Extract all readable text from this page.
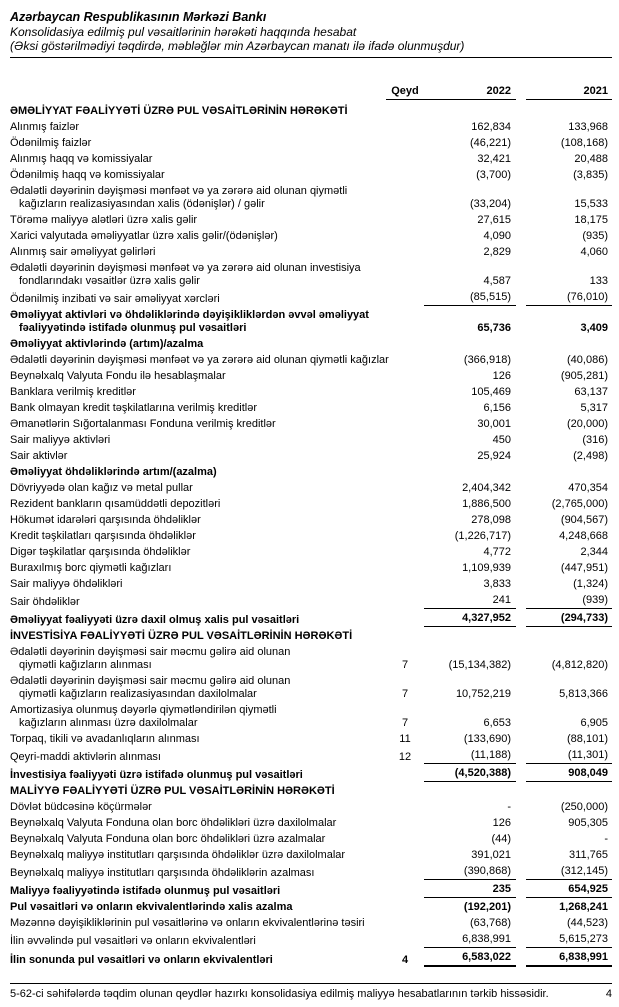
Azərbaycan Respublikasının Mərkəzi Bankı
Konsolidasiya edilmiş pul vəsaitlərinin hərəkəti haqqında hesabat
(Əksi göstərilmədiyi təqdirdə, məbləğlər min Azərbaycan manatı ilə ifadə olunmuşdur)
Qeyd	2022	2021
ƏMƏLİYYAT FƏALİYYƏTİ ÜZRƏ PUL VƏSAİTLƏRİNİN HƏRƏKƏTİ
Alınmış faizlər	162,834	133,968
Ödənilmiş faizlər	(46,221)	(108,168)
Alınmış haqq və komissiyalar	32,421	20,488
Ödənilmiş haqq və komissiyalar	(3,700)	(3,835)
Ədalətli dəyərinin dəyişməsi mənfəət və ya zərərə aid olunan qiymətli
kağızların realizasiyasından xalis (ödənişlər) / gəlir	(33,204)	15,533
Törəmə maliyyə alətləri üzrə xalis gəlir	27,615	18,175
Xarici valyutada əməliyyatlar üzrə xalis gəlir/(ödənişlər)	4,090	(935)
Alınmış sair əməliyyat gəlirləri	2,829	4,060
Ədalətli dəyərinin dəyişməsi mənfəət və ya zərərə aid olunan investisiya
fondlarındakı vəsaitlər üzrə xalis gəlir	4,587	133
Ödənilmiş inzibati və sair əməliyyat xərcləri	(85,515)	(76,010)
Əməliyyat aktivləri və öhdəliklərində dəyişikliklərdən əvvəl əməliyyat
fəaliyyətində istifadə olunmuş pul vəsaitləri	65,736	3,409
Əməliyyat aktivlərində (artım)/azalma
Ədalətli dəyərinin dəyişməsi mənfəət və ya zərərə aid olunan qiymətli kağızlar	(366,918)	(40,086)
Beynəlxalq Valyuta Fondu ilə hesablaşmalar	126	(905,281)
Banklara verilmiş kreditlər	105,469	63,137
Bank olmayan kredit təşkilatlarına verilmiş kreditlər	6,156	5,317
Əmanətlərin Sığortalanması Fonduna verilmiş kreditlər	30,001	(20,000)
Sair maliyyə aktivləri	450	(316)
Sair aktivlər	25,924	(2,498)
Əməliyyat öhdəliklərində artım/(azalma)
Dövriyyədə olan kağız və metal pullar	2,404,342	470,354
Rezident bankların qısamüddətli depozitləri	1,886,500	(2,765,000)
Hökumət idarələri qarşısında öhdəliklər	278,098	(904,567)
Kredit təşkilatları qarşısında öhdəliklər	(1,226,717)	4,248,668
Digər təşkilatlar qarşısında öhdəliklər	4,772	2,344
Buraxılmış borc qiymətli kağızları	1,109,939	(447,951)
Sair maliyyə öhdəlikləri	3,833	(1,324)
Sair öhdəliklər	241	(939)
Əməliyyat fəaliyyəti üzrə daxil olmuş xalis pul vəsaitləri	4,327,952	(294,733)
İNVESTİSİYA FƏALİYYƏTİ ÜZRƏ PUL VƏSAİTLƏRİNİN HƏRƏKƏTİ
Ədalətli dəyərinin dəyişməsi sair məcmu gəlirə aid olunan
qiymətli kağızların alınması	7	(15,134,382)	(4,812,820)
Ədalətli dəyərinin dəyişməsi sair məcmu gəlirə aid olunan
qiymətli kağızların realizasiyasından daxilolmalar	7	10,752,219	5,813,366
Amortizasiya olunmuş dəyərlə qiymətləndirilən qiymətli
kağızların alınması üzrə daxilolmalar	7	6,653	6,905
Torpaq, tikili və avadanlıqların alınması	11	(133,690)	(88,101)
Qeyri-maddi aktivlərin alınması	12	(11,188)	(11,301)
İnvestisiya fəaliyyəti üzrə istifadə olunmuş pul vəsaitləri	(4,520,388)	908,049
MALİYYƏ FƏALİYYƏTİ ÜZRƏ PUL VƏSAİTLƏRİNİN HƏRƏKƏTİ
Dövlət büdcəsinə köçürmələr	-	(250,000)
Beynəlxalq Valyuta Fonduna olan borc öhdəlikləri üzrə daxilolmalar	126	905,305
Beynəlxalq Valyuta Fonduna olan borc öhdəlikləri üzrə azalmalar	(44)	-
Beynəlxalq maliyyə institutları qarşısında öhdəliklər üzrə daxilolmalar	391,021	311,765
Beynəlxalq maliyyə institutları qarşısında öhdəliklərin azalması	(390,868)	(312,145)
Maliyyə fəaliyyətində istifadə olunmuş pul vəsaitləri	235	654,925
Pul vəsaitləri və onların ekvivalentlərində xalis azalma	(192,201)	1,268,241
Məzənnə dəyişikliklərinin pul vəsaitlərinə və onların ekvivalentlərinə təsiri	(63,768)	(44,523)
İlin əvvəlində pul vəsaitləri və onların ekvivalentləri	6,838,991	5,615,273
İlin sonunda pul vəsaitləri və onların ekvivalentləri	4	6,583,022	6,838,991
5-62-ci səhifələrdə təqdim olunan qeydlər hazırkı konsolidasiya edilmiş maliyyə hesabatlarının tərkib hissəsidir.	4
